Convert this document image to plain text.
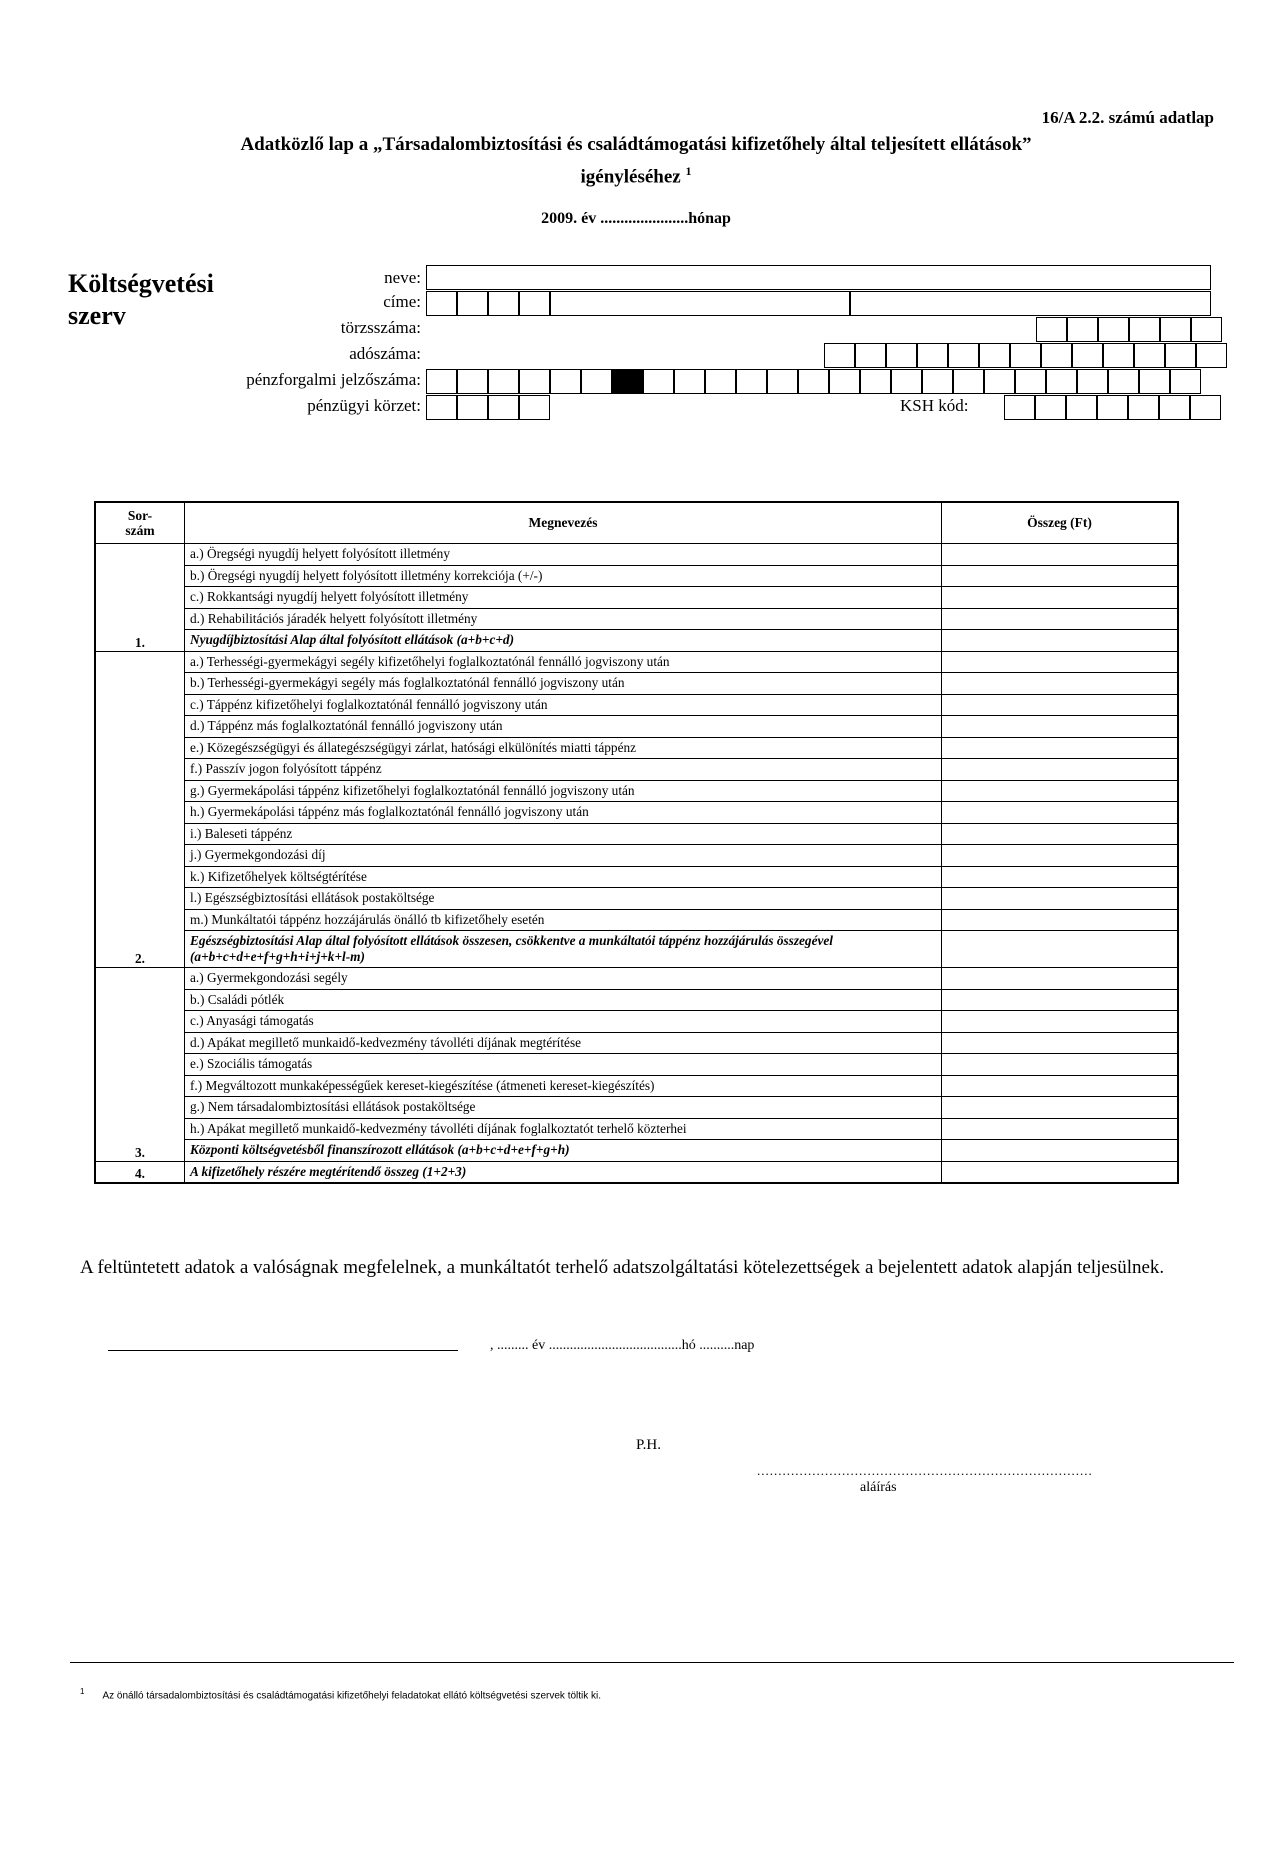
16/A 2.2. számú adatlap
Adatközlő lap a „Társadalombiztosítási és családtámogatási kifizetőhely által teljesített ellátások”
igényléséhez $^1$
2009. év ......................hónap
Költségvetési
szerv
neve:
címe:
törzsszáma:
adószáma:
pénzforgalmi jelzőszáma:
pénzügyi körzet:	KSH kód:
Sor-
szám	Megnevezés	Összeg (Ft)
1.	a.) Öregségi nyugdíj helyett folyósított illetmény	
	b.) Öregségi nyugdíj helyett folyósított illetmény korrekciója (+/-)	
	c.) Rokkantsági nyugdíj helyett folyósított illetmény	
	d.) Rehabilitációs járadék helyett folyósított illetmény	
	Nyugdíjbiztosítási Alap által folyósított ellátások (a+b+c+d)	
2.	a.) Terhességi-gyermekágyi segély kifizetőhelyi foglalkoztatónál fennálló jogviszony után	
	b.) Terhességi-gyermekágyi segély más foglalkoztatónál fennálló jogviszony után	
	c.) Táppénz kifizetőhelyi foglalkoztatónál fennálló jogviszony után	
	d.) Táppénz más foglalkoztatónál fennálló jogviszony után	
	e.) Közegészségügyi és állategészségügyi zárlat, hatósági elkülönítés miatti táppénz	
	f.) Passzív jogon folyósított táppénz	
	g.) Gyermekápolási táppénz kifizetőhelyi foglalkoztatónál fennálló jogviszony után	
	h.) Gyermekápolási táppénz más foglalkoztatónál fennálló jogviszony után	
	i.) Baleseti táppénz	
	j.) Gyermekgondozási díj	
	k.) Kifizetőhelyek költségtérítése	
	l.) Egészségbiztosítási ellátások postaköltsége	
	m.) Munkáltatói táppénz hozzájárulás önálló tb kifizetőhely esetén	
	Egészségbiztosítási Alap által folyósított ellátások összesen, csökkentve a munkáltatói táppénz hozzájárulás összegével (a+b+c+d+e+f+g+h+i+j+k+l-m)	
3.	a.) Gyermekgondozási segély	
	b.) Családi pótlék	
	c.) Anyasági támogatás	
	d.) Apákat megillető munkaidő-kedvezmény távolléti díjának megtérítése	
	e.) Szociális támogatás	
	f.) Megváltozott munkaképességűek kereset-kiegészítése (átmeneti kereset-kiegészítés)	
	g.) Nem társadalombiztosítási ellátások postaköltsége	
	h.) Apákat megillető munkaidő-kedvezmény távolléti díjának foglalkoztatót terhelő közterhei	
	Központi költségvetésből finanszírozott ellátások (a+b+c+d+e+f+g+h)	
4.	A kifizetőhely részére megtérítendő összeg (1+2+3)	
A feltüntetett adatok a valóságnak megfelelnek, a munkáltatót terhelő adatszolgáltatási kötelezettségek a bejelentett adatok alapján teljesülnek.
, ......... év ......................................hó ..........nap
P.H.
...............................................................................
aláírás
$^1$ Az önálló társadalombiztosítási és családtámogatási kifizetőhelyi feladatokat ellátó költségvetési szervek töltik ki.
